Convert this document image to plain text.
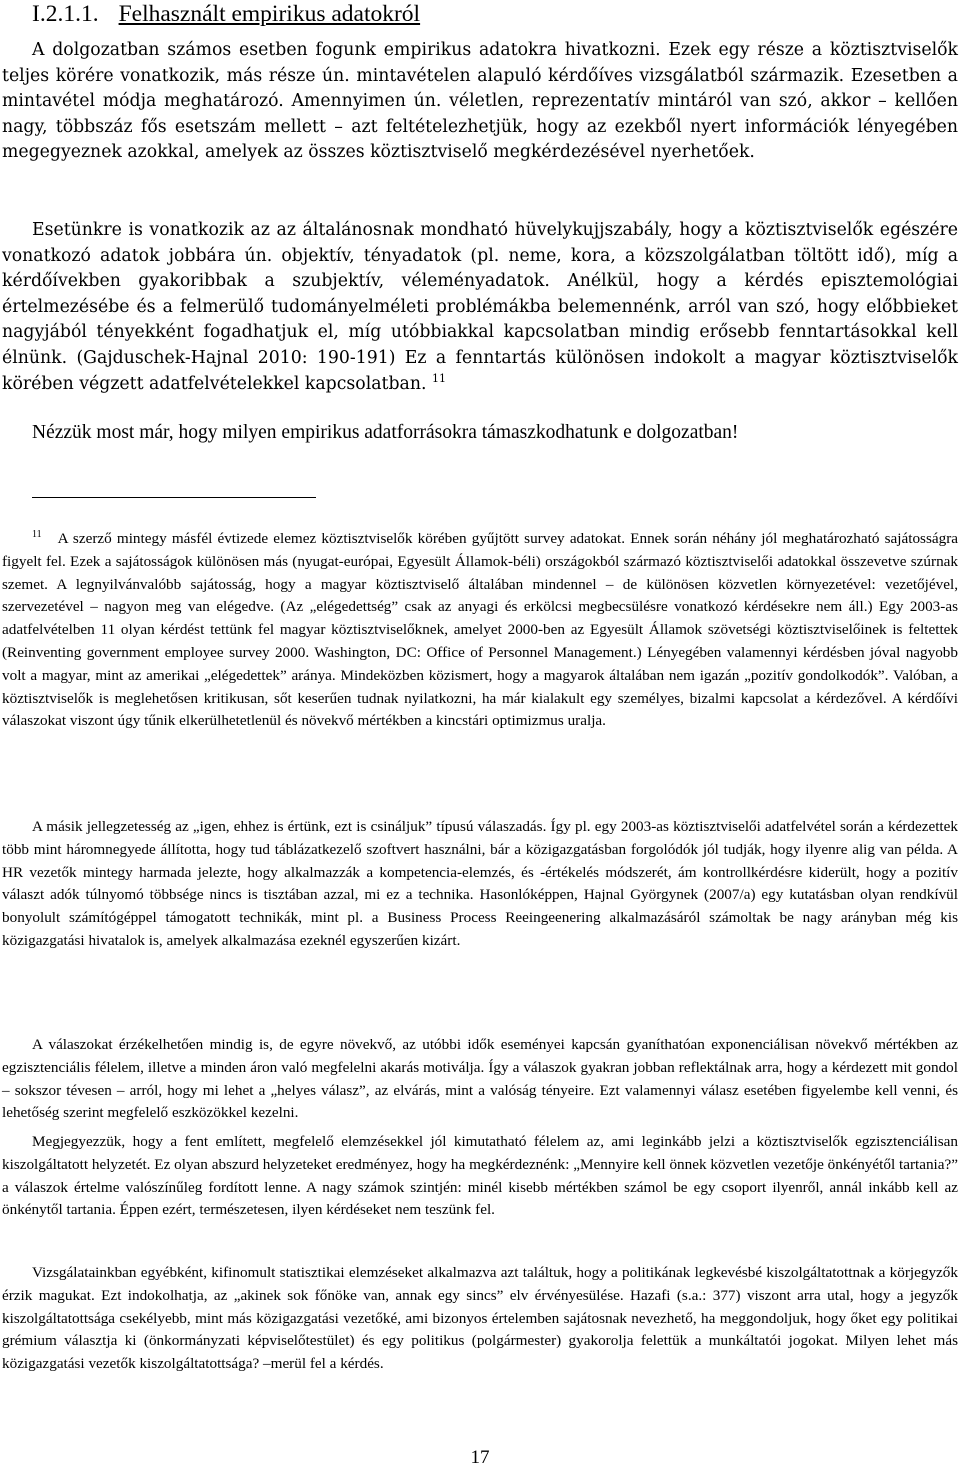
I.2.1.1. Felhasznált empirikus adatokról

A dolgozatban számos esetben fogunk empirikus adatokra hivatkozni. Ezek egy része a köztisztviselők teljes körére vonatkozik, más része ún. mintavételen alapuló kérdőíves vizsgálatból származik. Ezesetben a mintavétel módja meghatározó. Amennyimen ún. véletlen, reprezentatív mintáról van szó, akkor – kellően nagy, többszáz fős esetszám mellett – azt feltételezhetjük, hogy az ezekből nyert információk lényegében megegyeznek azokkal, amelyek az összes köztisztviselő megkérdezésével nyerhetőek.

Esetünkre is vonatkozik az az általánosnak mondható hüvelykujjszabály, hogy a köztisztviselők egészére vonatkozó adatok jobbára ún. objektív, tényadatok (pl. neme, kora, a közszolgálatban töltött idő), míg a kérdőívekben gyakoribbak a szubjektív, véleményadatok. Anélkül, hogy a kérdés episztemológiai értelmezésébe és a felmerülő tudományelméleti problémákba belemennénk, arról van szó, hogy előbbieket nagyjából tényekként fogadhatjuk el, míg utóbbiakkal kapcsolatban mindig erősebb fenntartásokkal kell élnünk. (Gajduschek-Hajnal 2010: 190-191) Ez a fenntartás különösen indokolt a magyar köztisztviselők körében végzett adatfelvételekkel kapcsolatban. $^{11}$

Nézzük most már, hogy milyen empirikus adatforrásokra támaszkodhatunk e dolgozatban!

$^{11}$ A szerző mintegy másfél évtizede elemez köztisztviselők körében gyűjtött survey adatokat. Ennek során néhány jól meghatározható sajátosságra figyelt fel. Ezek a sajátosságok különösen más (nyugat-európai, Egyesült Államok-béli) országokból származó köztisztviselői adatokkal összevetve szúrnak szemet. A legnyilvánvalóbb sajátosság, hogy a magyar köztisztviselő általában mindennel – de különösen közvetlen környezetével: vezetőjével, szervezetével – nagyon meg van elégedve. (Az „elégedettség” csak az anyagi és erkölcsi megbecsülésre vonatkozó kérdésekre nem áll.) Egy 2003-as adatfelvételben 11 olyan kérdést tettünk fel magyar köztisztviselőknek, amelyet 2000-ben az Egyesült Államok szövetségi köztisztviselőinek is feltettek (Reinventing government employee survey 2000. Washington, DC: Office of Personnel Management.) Lényegében valamennyi kérdésben jóval nagyobb volt a magyar, mint az amerikai „elégedettek” aránya. Mindeközben közismert, hogy a magyarok általában nem igazán „pozitív gondolkodók”. Valóban, a köztisztviselők is meglehetősen kritikusan, sőt keserűen tudnak nyilatkozni, ha már kialakult egy személyes, bizalmi kapcsolat a kérdezővel. A kérdőívi válaszokat viszont úgy tűnik elkerülhetetlenül és növekvő mértékben a kincstári optimizmus uralja.

A másik jellegzetesség az „igen, ehhez is értünk, ezt is csináljuk” típusú válaszadás. Így pl. egy 2003-as köztisztviselői adatfelvétel során a kérdezettek több mint háromnegyede állította, hogy tud táblázatkezelő szoftvert használni, bár a közigazgatásban forgolódók jól tudják, hogy ilyenre alig van példa. A HR vezetők mintegy harmada jelezte, hogy alkalmazzák a kompetencia-elemzés, és -értékelés módszerét, ám kontrollkérdésre kiderült, hogy a pozitív választ adók túlnyomó többsége nincs is tisztában azzal, mi ez a technika. Hasonlóképpen, Hajnal Györgynek (2007/a) egy kutatásban olyan rendkívül bonyolult számítógéppel támogatott technikák, mint pl. a Business Process Reeingeenering alkalmazásáról számoltak be nagy arányban még kis közigazgatási hivatalok is, amelyek alkalmazása ezeknél egyszerűen kizárt.

A válaszokat érzékelhetően mindig is, de egyre növekvő, az utóbbi idők eseményei kapcsán gyaníthatóan exponenciálisan növekvő mértékben az egzisztenciális félelem, illetve a minden áron való megfelelni akarás motiválja. Így a válaszok gyakran jobban reflektálnak arra, hogy a kérdezett mit gondol – sokszor tévesen – arról, hogy mi lehet a „helyes válasz”, az elvárás, mint a valóság tényeire. Ezt valamennyi válasz esetében figyelembe kell venni, és lehetőség szerint megfelelő eszközökkel kezelni.

Megjegyezzük, hogy a fent említett, megfelelő elemzésekkel jól kimutatható félelem az, ami leginkább jelzi a köztisztviselők egzisztenciálisan kiszolgáltatott helyzetét. Ez olyan abszurd helyzeteket eredményez, hogy ha megkérdeznénk: „Mennyire kell önnek közvetlen vezetője önkényétől tartania?” a válaszok értelme valószínűleg fordított lenne. A nagy számok szintjén: minél kisebb mértékben számol be egy csoport ilyenről, annál inkább kell az önkénytől tartania. Éppen ezért, természetesen, ilyen kérdéseket nem teszünk fel.

Vizsgálatainkban egyébként, kifinomult statisztikai elemzéseket alkalmazva azt találtuk, hogy a politikának legkevésbé kiszolgáltatottnak a körjegyzők érzik magukat. Ezt indokolhatja, az „akinek sok főnöke van, annak egy sincs” elv érvényesülése. Hazafi (s.a.: 377) viszont arra utal, hogy a jegyzők kiszolgáltatottsága csekélyebb, mint más közigazgatási vezetőké, ami bizonyos értelemben sajátosnak nevezhető, ha meggondoljuk, hogy őket egy politikai grémium választja ki (önkormányzati képviselőtestület) és egy politikus (polgármester) gyakorolja felettük a munkáltatói jogokat. Milyen lehet más közigazgatási vezetők kiszolgáltatottsága? –merül fel a kérdés.

17
